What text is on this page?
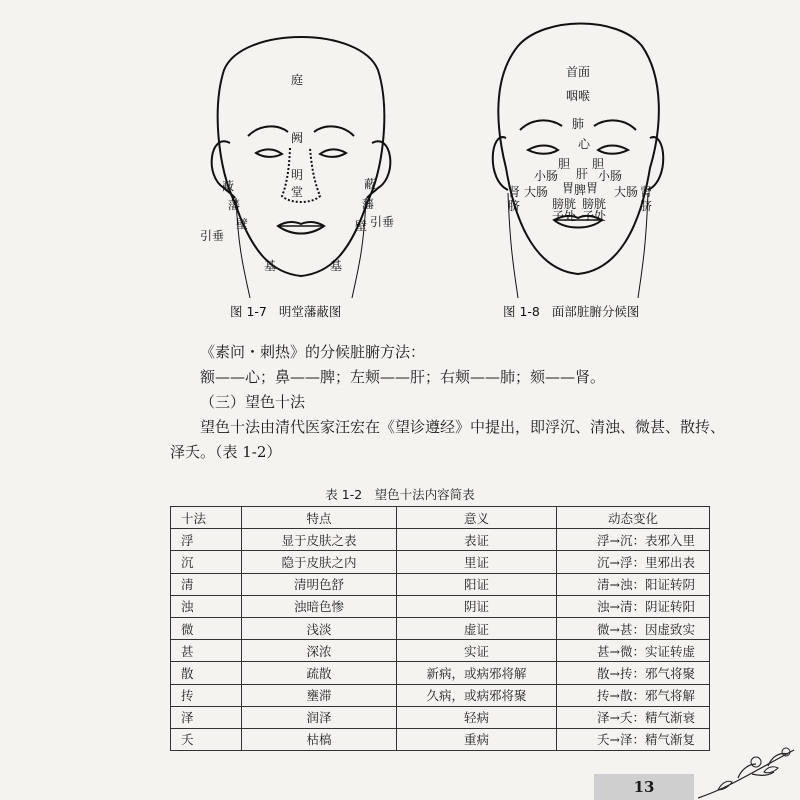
庭
阙
明
堂
蔽
藩
壁
引垂
基
蔽
藩
壁 引垂
基
首面
咽喉
肺
心
胆
肝
胆
小肠	小肠
大肠	大肠
胃 脾 胃
肾	肾
脐	脐
膀胱 膀胱
子处 子处
图 1-7 明堂藩蔽图	图 1-8 面部脏腑分候图
《素问・刺热》的分候脏腑方法：
额——心；鼻——脾；左颊——肝；右颊——肺；颏——肾。
（三）望色十法
望色十法由清代医家汪宏在《望诊遵经》中提出，即浮沉、清浊、微甚、散抟、
泽夭。（表 1-2）
表 1-2　望色十法内容简表
十法	特点	意义	动态变化
浮	显于皮肤之表	表证	浮→沉：表邪入里
沉	隐于皮肤之内	里证	沉→浮：里邪出表
清	清明色舒	阳证	清→浊：阳证转阴
浊	浊暗色惨	阴证	浊→清：阴证转阳
微	浅淡	虚证	微→甚：因虚致实
甚	深浓	实证	甚→微：实证转虚
散	疏散	新病，或病邪将解	散→抟：邪气将聚
抟	壅滞	久病，或病邪将聚	抟→散：邪气将解
泽	润泽	轻病	泽→夭：精气渐衰
夭	枯槁	重病	夭→泽：精气渐复
13
